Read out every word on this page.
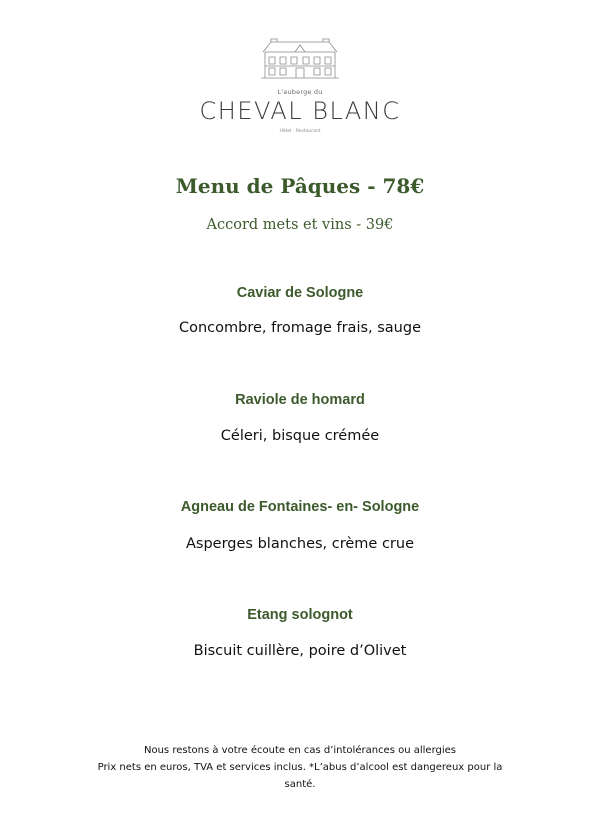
L'auberge du
CHEVAL BLANC
Hôtel - Restaurant
Menu de Pâques - 78€
Accord mets et vins - 39€
Caviar de Sologne
Concombre, fromage frais, sauge
Raviole de homard
Céleri, bisque crémée
Agneau de Fontaines- en- Sologne
Asperges blanches, crème crue
Etang solognot
Biscuit cuillère, poire d’Olivet
Nous restons à votre écoute en cas d’intolérances ou allergies
Prix nets en euros, TVA et services inclus. *L’abus d’alcool est dangereux pour la santé.
